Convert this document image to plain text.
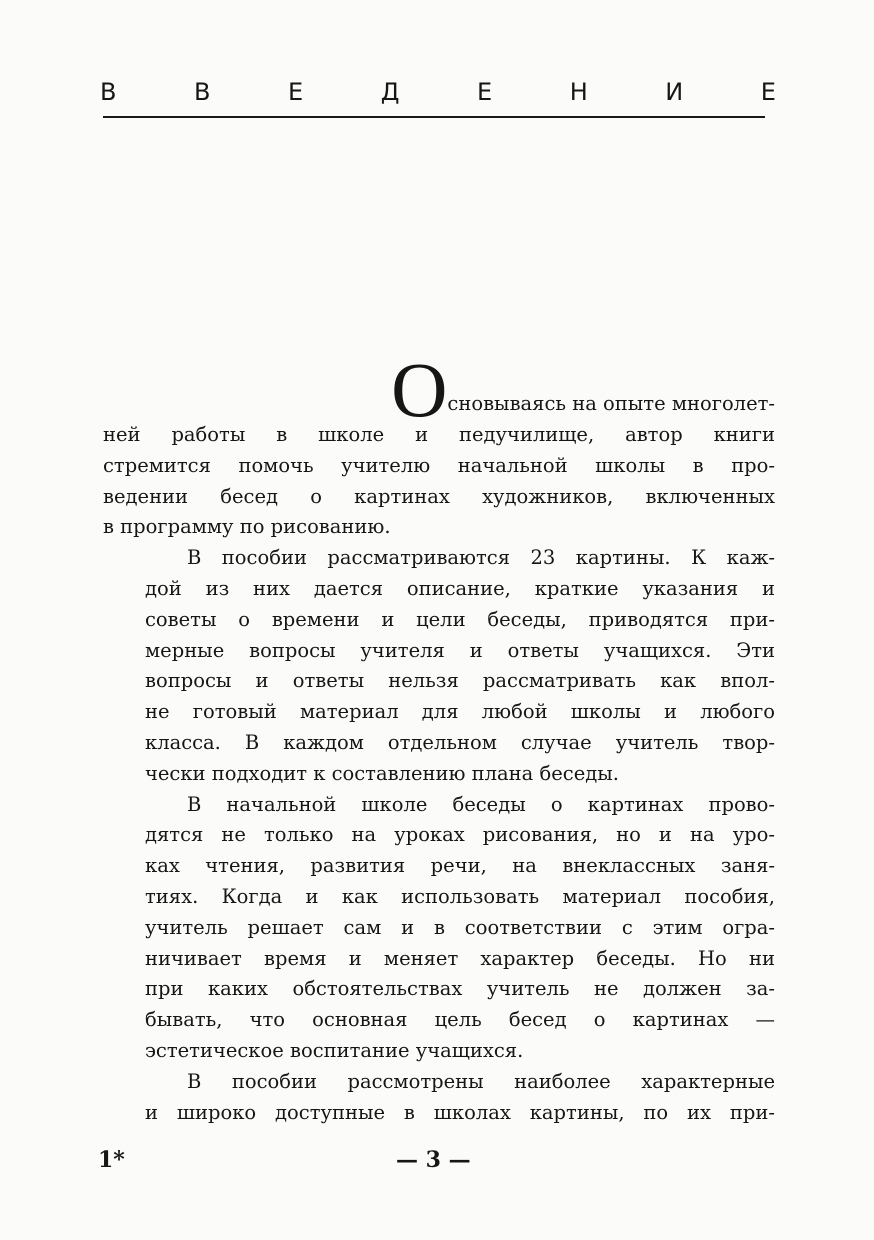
В	В	Е	Д	Е	Н	И	Е
Основываясь на опыте многолет-
ней работы в школе и педучилище, автор книги
стремится помочь учителю начальной школы в про-
ведении бесед о картинах художников, включенных
в программу по рисованию.
В пособии рассматриваются 23 картины. К каж-
дой из них дается описание, краткие указания и
советы о времени и цели беседы, приводятся при-
мерные вопросы учителя и ответы учащихся. Эти
вопросы и ответы нельзя рассматривать как впол-
не готовый материал для любой школы и любого
класса. В каждом отдельном случае учитель твор-
чески подходит к составлению плана беседы.
В начальной школе беседы о картинах прово-
дятся не только на уроках рисования, но и на уро-
ках чтения, развития речи, на внеклассных заня-
тиях. Когда и как использовать материал пособия,
учитель решает сам и в соответствии с этим огра-
ничивает время и меняет характер беседы. Но ни
при каких обстоятельствах учитель не должен за-
бывать, что основная цель бесед о картинах —
эстетическое воспитание учащихся.
В пособии рассмотрены наиболее характерные
и широко доступные в школах картины, по их при-
1*	— 3 —
